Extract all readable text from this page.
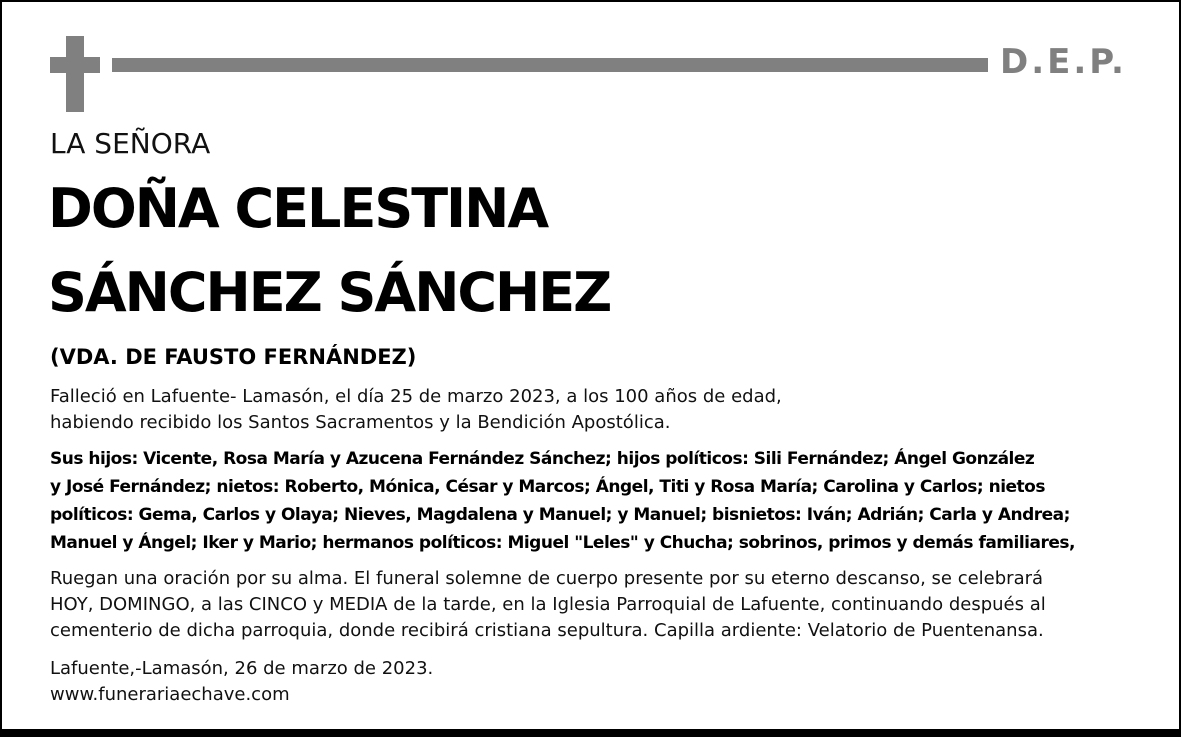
D.E.P.
LA SEÑORA
DOÑA CELESTINA
SÁNCHEZ SÁNCHEZ
(VDA. DE FAUSTO FERNÁNDEZ)
Falleció en Lafuente- Lamasón, el día 25 de marzo 2023, a los 100 años de edad,
habiendo recibido los Santos Sacramentos y la Bendición Apostólica.
Sus hijos: Vicente, Rosa María y Azucena Fernández Sánchez; hijos políticos: Sili Fernández; Ángel González
y José Fernández; nietos: Roberto, Mónica, César y Marcos; Ángel, Titi y Rosa María; Carolina y Carlos; nietos
políticos: Gema, Carlos y Olaya; Nieves, Magdalena y Manuel; y Manuel; bisnietos: Iván; Adrián; Carla y Andrea;
Manuel y Ángel; Iker y Mario; hermanos políticos: Miguel "Leles" y Chucha; sobrinos, primos y demás familiares,
Ruegan una oración por su alma. El funeral solemne de cuerpo presente por su eterno descanso, se celebrará
HOY, DOMINGO, a las CINCO y MEDIA de la tarde, en la Iglesia Parroquial de Lafuente, continuando después al
cementerio de dicha parroquia, donde recibirá cristiana sepultura. Capilla ardiente: Velatorio de Puentenansa.
Lafuente,-Lamasón, 26 de marzo de 2023.
www.funerariaechave.com
